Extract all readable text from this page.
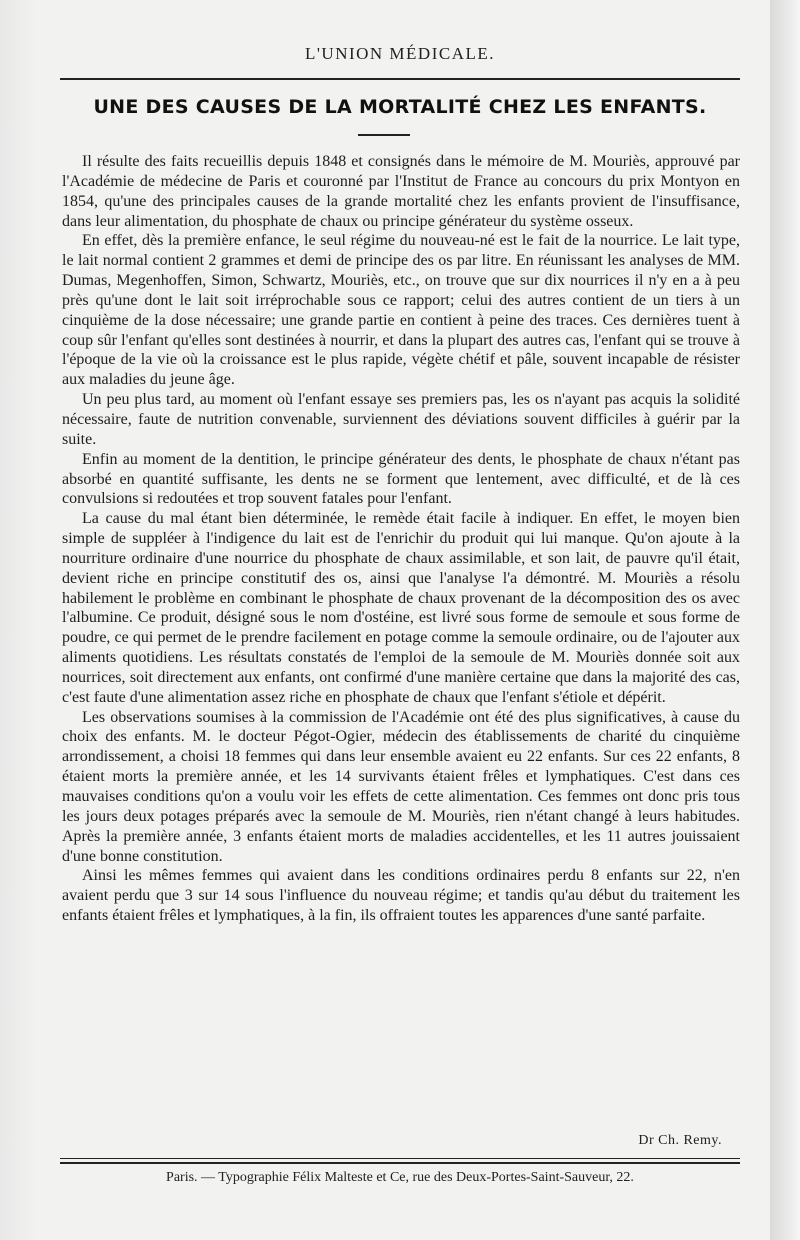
L'UNION MÉDICALE.
UNE DES CAUSES DE LA MORTALITÉ CHEZ LES ENFANTS.

Il résulte des faits recueillis depuis 1848 et consignés dans le mémoire de M. Mouriès, approuvé par l'Académie de médecine de Paris et couronné par l'Institut de France au concours du prix Montyon en 1854, qu'une des principales causes de la grande mortalité chez les enfants provient de l'insuffisance, dans leur alimentation, du phosphate de chaux ou principe générateur du système osseux.

En effet, dès la première enfance, le seul régime du nouveau-né est le fait de la nourrice. Le lait type, le lait normal contient 2 grammes et demi de principe des os par litre. En réunissant les analyses de MM. Dumas, Megenhoffen, Simon, Schwartz, Mouriès, etc., on trouve que sur dix nourrices il n'y en a à peu près qu'une dont le lait soit irréprochable sous ce rapport; celui des autres contient de un tiers à un cinquième de la dose nécessaire; une grande partie en contient à peine des traces. Ces dernières tuent à coup sûr l'enfant qu'elles sont destinées à nourrir, et dans la plupart des autres cas, l'enfant qui se trouve à l'époque de la vie où la croissance est le plus rapide, végète chétif et pâle, souvent incapable de résister aux maladies du jeune âge.

Un peu plus tard, au moment où l'enfant essaye ses premiers pas, les os n'ayant pas acquis la solidité nécessaire, faute de nutrition convenable, surviennent des déviations souvent difficiles à guérir par la suite.

Enfin au moment de la dentition, le principe générateur des dents, le phosphate de chaux n'étant pas absorbé en quantité suffisante, les dents ne se forment que lentement, avec difficulté, et de là ces convulsions si redoutées et trop souvent fatales pour l'enfant.

La cause du mal étant bien déterminée, le remède était facile à indiquer. En effet, le moyen bien simple de suppléer à l'indigence du lait est de l'enrichir du produit qui lui manque. Qu'on ajoute à la nourriture ordinaire d'une nourrice du phosphate de chaux assimilable, et son lait, de pauvre qu'il était, devient riche en principe constitutif des os, ainsi que l'analyse l'a démontré. M. Mouriès a résolu habilement le problème en combinant le phosphate de chaux provenant de la décomposition des os avec l'albumine. Ce produit, désigné sous le nom d'ostéine, est livré sous forme de semoule et sous forme de poudre, ce qui permet de le prendre facilement en potage comme la semoule ordinaire, ou de l'ajouter aux aliments quotidiens. Les résultats constatés de l'emploi de la semoule de M. Mouriès donnée soit aux nourrices, soit directement aux enfants, ont confirmé d'une manière certaine que dans la majorité des cas, c'est faute d'une alimentation assez riche en phosphate de chaux que l'enfant s'étiole et dépérit.

Les observations soumises à la commission de l'Académie ont été des plus significatives, à cause du choix des enfants. M. le docteur Pégot-Ogier, médecin des établissements de charité du cinquième arrondissement, a choisi 18 femmes qui dans leur ensemble avaient eu 22 enfants. Sur ces 22 enfants, 8 étaient morts la première année, et les 14 survivants étaient frêles et lymphatiques. C'est dans ces mauvaises conditions qu'on a voulu voir les effets de cette alimentation. Ces femmes ont donc pris tous les jours deux potages préparés avec la semoule de M. Mouriès, rien n'étant changé à leurs habitudes. Après la première année, 3 enfants étaient morts de maladies accidentelles, et les 11 autres jouissaient d'une bonne constitution.

Ainsi les mêmes femmes qui avaient dans les conditions ordinaires perdu 8 enfants sur 22, n'en avaient perdu que 3 sur 14 sous l'influence du nouveau régime; et tandis qu'au début du traitement les enfants étaient frêles et lymphatiques, à la fin, ils offraient toutes les apparences d'une santé parfaite.

Dr Ch. Remy.
Paris. — Typographie Félix Malteste et Ce, rue des Deux-Portes-Saint-Sauveur, 22.
